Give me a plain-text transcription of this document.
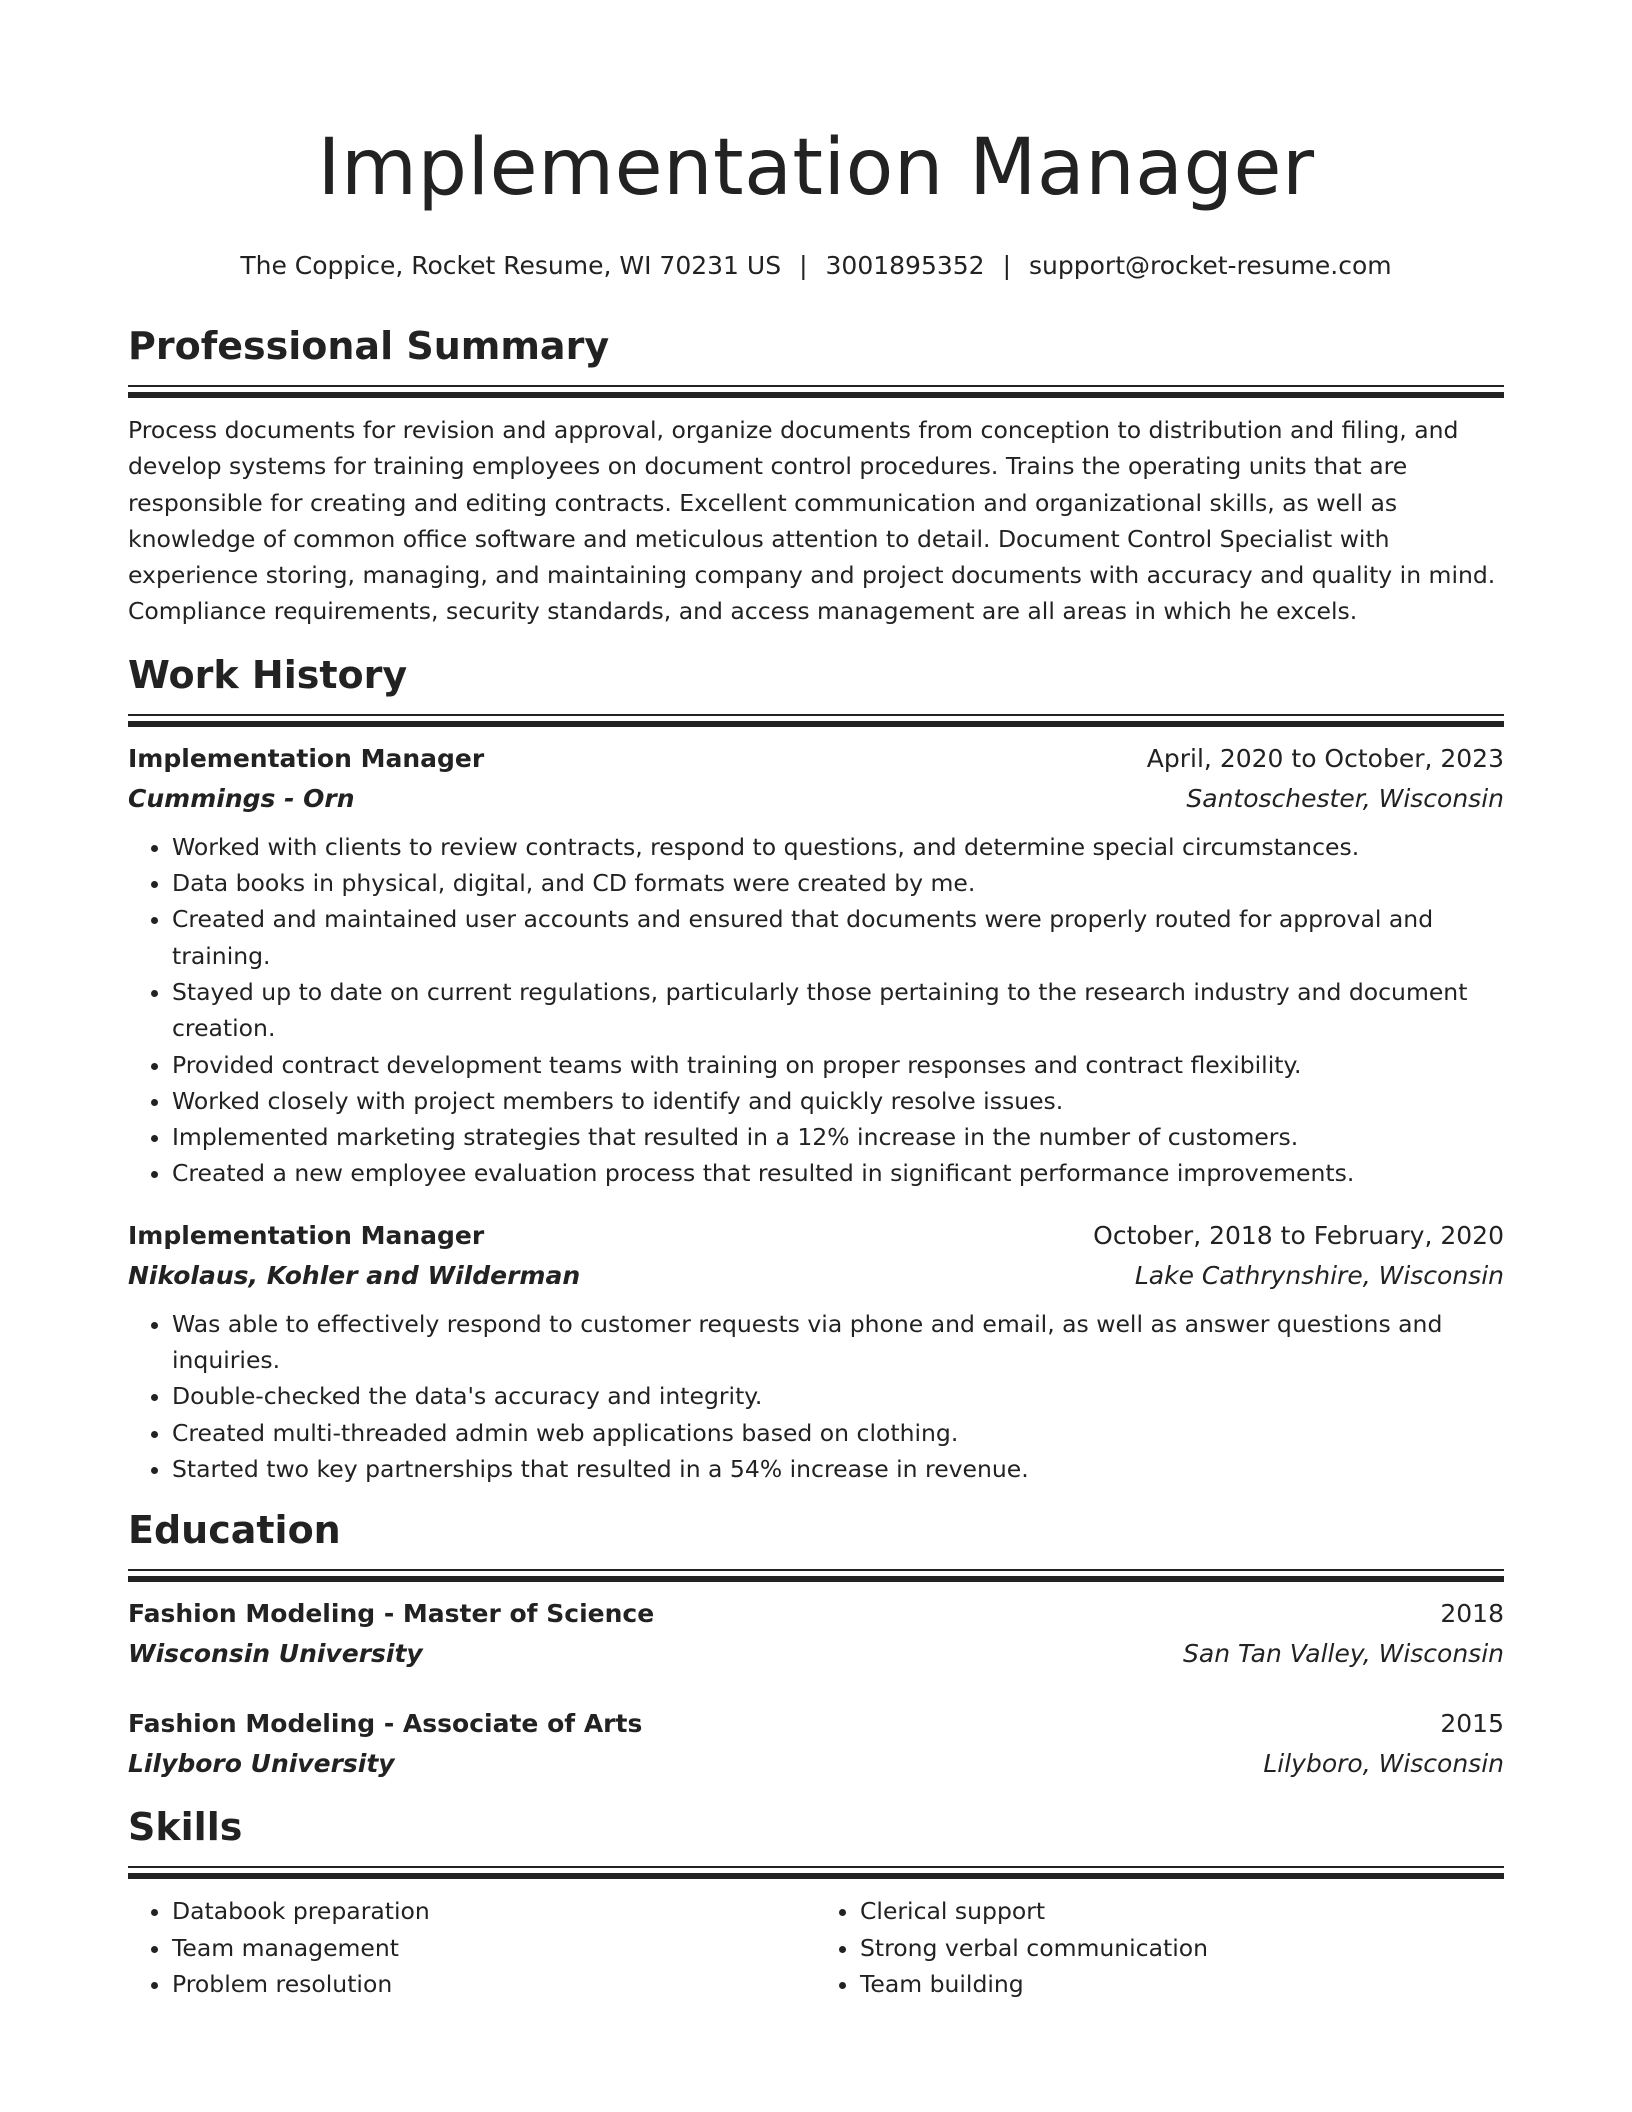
Implementation Manager
The Coppice, Rocket Resume, WI 70231 US | 3001895352 | support@rocket-resume.com
Professional Summary
Process documents for revision and approval, organize documents from conception to distribution and filing, and develop systems for training employees on document control procedures. Trains the operating units that are responsible for creating and editing contracts. Excellent communication and organizational skills, as well as knowledge of common office software and meticulous attention to detail. Document Control Specialist with experience storing, managing, and maintaining company and project documents with accuracy and quality in mind. Compliance requirements, security standards, and access management are all areas in which he excels.
Work History
Implementation Manager	April, 2020 to October, 2023
Cummings - Orn	Santoschester, Wisconsin
• Worked with clients to review contracts, respond to questions, and determine special circumstances.
• Data books in physical, digital, and CD formats were created by me.
• Created and maintained user accounts and ensured that documents were properly routed for approval and training.
• Stayed up to date on current regulations, particularly those pertaining to the research industry and document creation.
• Provided contract development teams with training on proper responses and contract flexibility.
• Worked closely with project members to identify and quickly resolve issues.
• Implemented marketing strategies that resulted in a 12% increase in the number of customers.
• Created a new employee evaluation process that resulted in significant performance improvements.
Implementation Manager	October, 2018 to February, 2020
Nikolaus, Kohler and Wilderman	Lake Cathrynshire, Wisconsin
• Was able to effectively respond to customer requests via phone and email, as well as answer questions and inquiries.
• Double-checked the data's accuracy and integrity.
• Created multi-threaded admin web applications based on clothing.
• Started two key partnerships that resulted in a 54% increase in revenue.
Education
Fashion Modeling - Master of Science	2018
Wisconsin University	San Tan Valley, Wisconsin
Fashion Modeling - Associate of Arts	2015
Lilyboro University	Lilyboro, Wisconsin
Skills
• Databook preparation
• Team management
• Problem resolution
• Clerical support
• Strong verbal communication
• Team building
